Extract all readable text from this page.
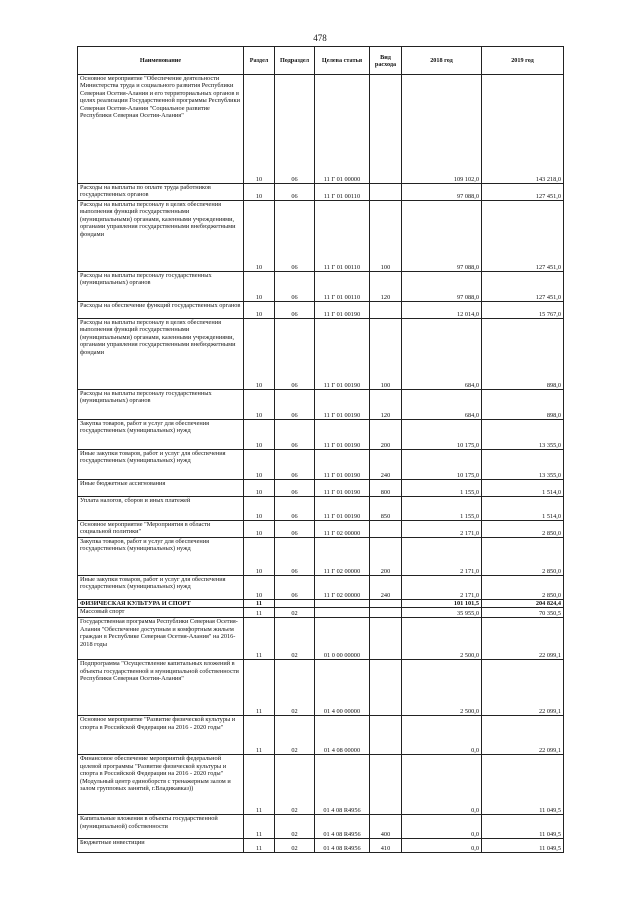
478
Наименование	Раздел	Подраздел	Целева статья	Вид расхода	2018 год	2019 год
Основное мероприятие "Обеспечение деятельности Министерства труда и социального развития Республики Северная Осетия-Алания и его территориальных органов в целях реализации Государственной программы Республики Северная Осетия-Алания "Социальное развитие Республики Северная Осетия-Алания"	10	06	11 Г 01 00000		109 102,0	143 218,0
Расходы на выплаты по оплате труда работников государственных органов	10	06	11 Г 01 00110		97 088,0	127 451,0
Расходы на выплаты персоналу в целях обеспечения выполнения функций государственными (муниципальными) органами, казенными учреждениями, органами управления государственными внебюджетными фондами	10	06	11 Г 01 00110	100	97 088,0	127 451,0
Расходы на выплаты персоналу государственных (муниципальных) органов	10	06	11 Г 01 00110	120	97 088,0	127 451,0
Расходы на обеспечение функций государственных органов	10	06	11 Г 01 00190		12 014,0	15 767,0
Расходы на выплаты персоналу в целях обеспечения выполнения функций государственными (муниципальными) органами, казенными учреждениями, органами управления государственными внебюджетными фондами	10	06	11 Г 01 00190	100	684,0	898,0
Расходы на выплаты персоналу государственных (муниципальных) органов	10	06	11 Г 01 00190	120	684,0	898,0
Закупка товаров, работ и услуг для обеспечения государственных (муниципальных) нужд	10	06	11 Г 01 00190	200	10 175,0	13 355,0
Иные закупки товаров, работ и услуг для обеспечения государственных (муниципальных) нужд	10	06	11 Г 01 00190	240	10 175,0	13 355,0
Иные бюджетные ассигнования	10	06	11 Г 01 00190	800	1 155,0	1 514,0
Уплата налогов, сборов и иных платежей	10	06	11 Г 01 00190	850	1 155,0	1 514,0
Основное мероприятие "Мероприятия в области социальной политики"	10	06	11 Г 02 00000		2 171,0	2 850,0
Закупка товаров, работ и услуг для обеспечения государственных (муниципальных) нужд	10	06	11 Г 02 00000	200	2 171,0	2 850,0
Иные закупки товаров, работ и услуг для обеспечения государственных (муниципальных) нужд	10	06	11 Г 02 00000	240	2 171,0	2 850,0
ФИЗИЧЕСКАЯ КУЛЬТУРА И СПОРТ	11				101 101,5	204 824,4
Массовый спорт	11	02			35 955,0	70 350,5
Государственная программа Республики Северная Осетия-Алания "Обеспечение доступным и комфортным жильем граждан в Республике Северная Осетия-Алания" на 2016-2018 годы	11	02	01 0 00 00000		2 500,0	22 099,1
Подпрограмма "Осуществление капитальных вложений в объекты государственной и муниципальной собственности Республики Северная Осетия-Алания"	11	02	01 4 00 00000		2 500,0	22 099,1
Основное мероприятие "Развитие физической культуры и спорта в Российской Федерации на 2016 - 2020 годы"	11	02	01 4 08 00000		0,0	22 099,1
Финансовое обеспечение мероприятий федеральной целевой программы "Развитие физической культуры и спорта в Российской Федерации на 2016 - 2020 годы" (Модульный центр единоборств с тренажерным залом и залом групповых занятий, г.Владикавказ))	11	02	01 4 08 R4956		0,0	11 049,5
Капитальные вложения в объекты государственной (муниципальной) собственности	11	02	01 4 08 R4956	400	0,0	11 049,5
Бюджетные инвестиции	11	02	01 4 08 R4956	410	0,0	11 049,5
